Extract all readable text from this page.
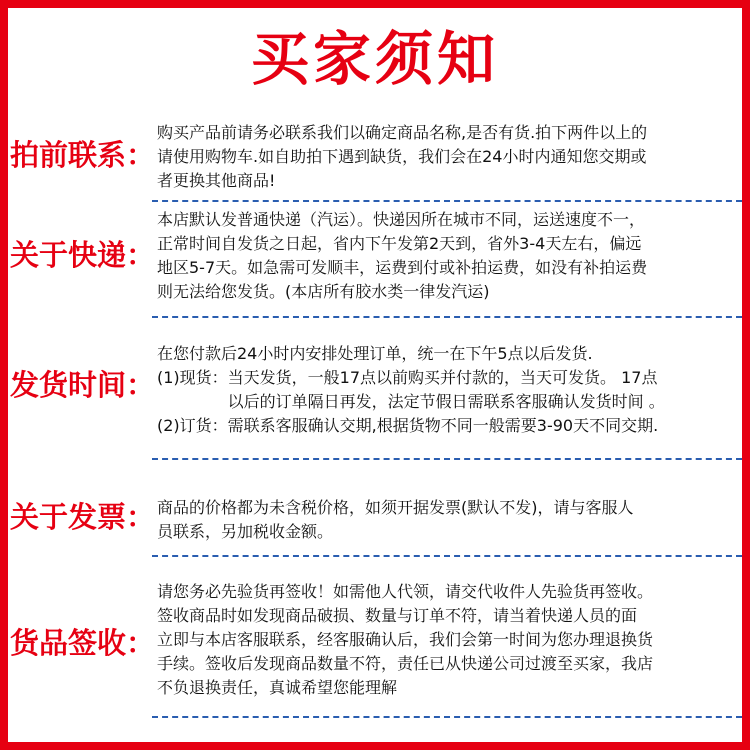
买家须知
拍前联系：

购买产品前请务必联系我们以确定商品名称,是否有货.拍下两件以上的

请使用购物车.如自助拍下遇到缺货，我们会在24小时内通知您交期或

者更换其他商品!

关于快递：

本店默认发普通快递（汽运）。快递因所在城市不同，运送速度不一，

正常时间自发货之日起，省内下午发第2天到，省外3-4天左右，偏远

地区5-7天。如急需可发顺丰，运费到付或补拍运费，如没有补拍运费

则无法给您发货。(本店所有胶水类一律发汽运)

发货时间：

在您付款后24小时内安排处理订单，统一在下午5点以后发货.

(1)现货： 当天发货，一般17点以前购买并付款的，当天可发货。 17点

以后的订单隔日再发，法定节假日需联系客服确认发货时间 。

(2)订货： 需联系客服确认交期,根据货物不同一般需要3-90天不同交期.

关于发票： 商品的价格都为未含税价格，如须开据发票(默认不发)，请与客服人

员联系，另加税收金额。

货品签收：

请您务必先验货再签收！如需他人代领，请交代收件人先验货再签收。

签收商品时如发现商品破损、数量与订单不符，请当着快递人员的面

立即与本店客服联系，经客服确认后，我们会第一时间为您办理退换货

手续。签收后发现商品数量不符，责任已从快递公司过渡至买家，我店

不负退换责任，真诚希望您能理解
